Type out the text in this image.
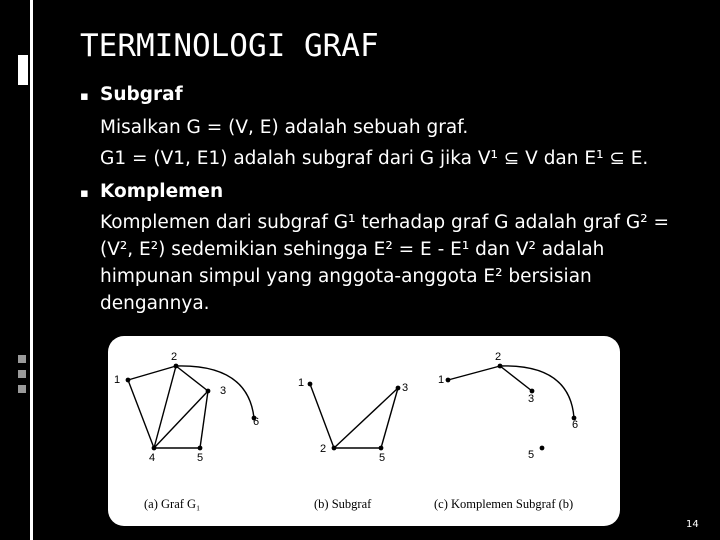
TERMINOLOGI GRAF
▪ Subgraf
Misalkan G = (V, E) adalah sebuah graf.
G1 = (V1, E1) adalah subgraf dari G jika V¹ ⊆ V dan E¹ ⊆ E.
▪ Komplemen
Komplemen dari subgraf G¹ terhadap graf G adalah graf G² =
(V², E²) sedemikian sehingga E² = E - E¹ dan V² adalah
himpunan simpul yang anggota-anggota E² bersisian
dengannya.
1
2
3
4	5
6
1	3
2
5
1
2
3
6
5
(a) Graf G₁	(b) Subgraf	(c) Komplemen Subgraf (b)
14
